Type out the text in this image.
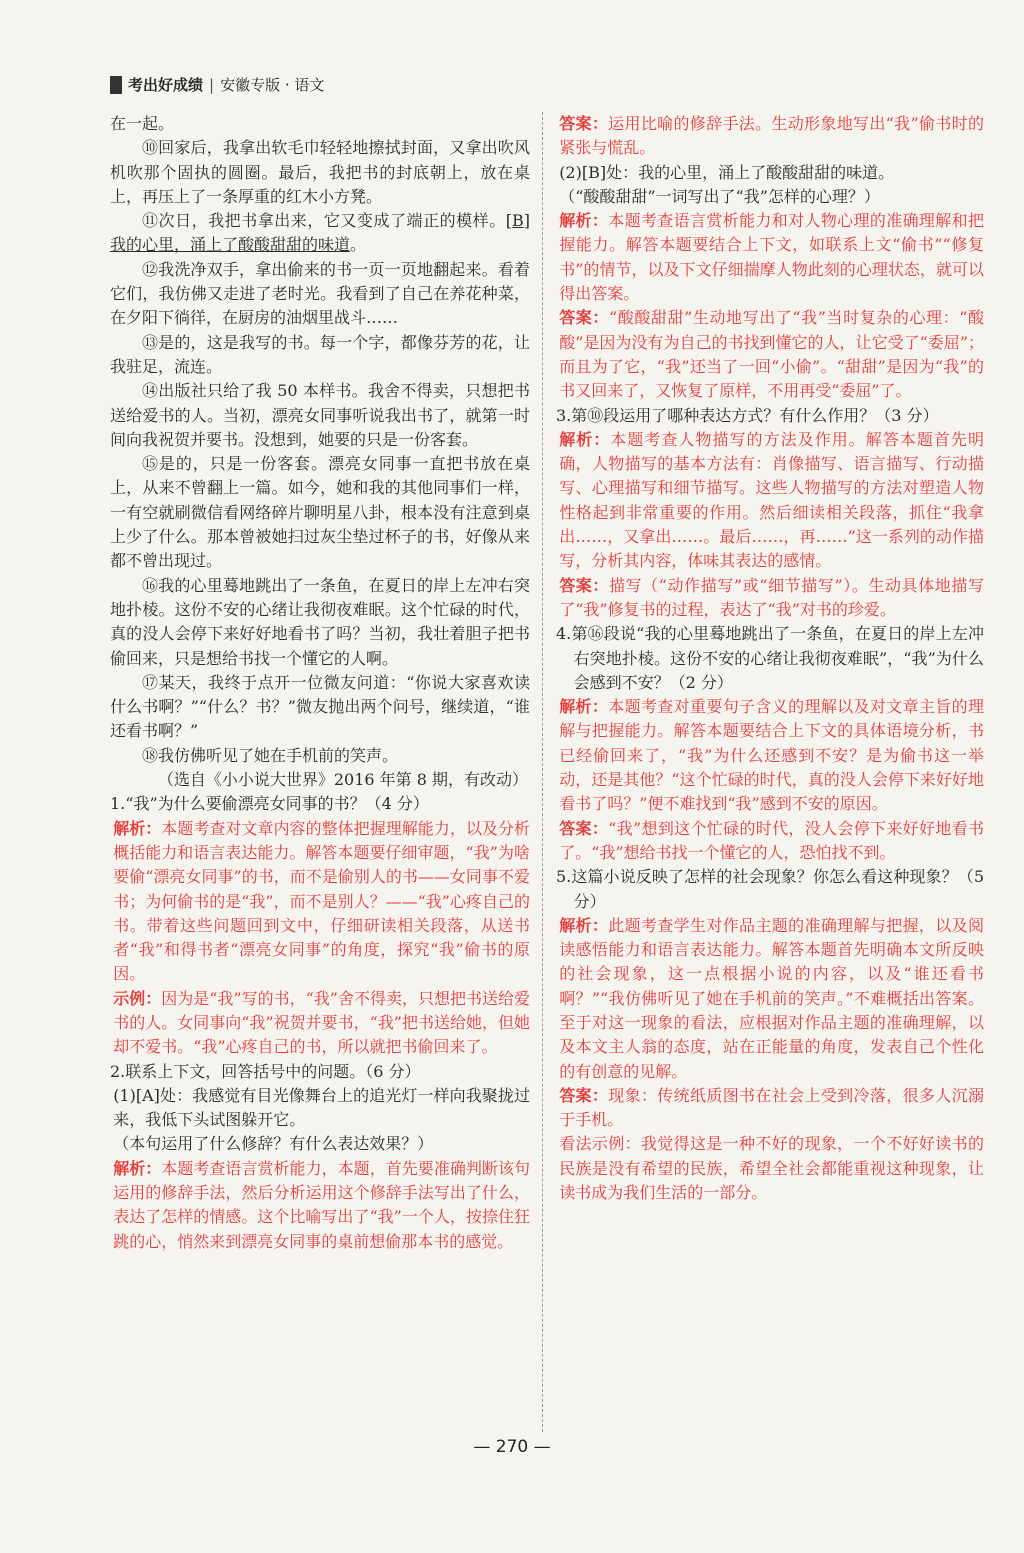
考出好成绩 | 安徽专版 · 语文

在一起。

⑩回家后，我拿出软毛巾轻轻地擦拭封面，又拿出吹风机吹那个固执的圆圈。最后，我把书的封底朝上，放在桌上，再压上了一条厚重的红木小方凳。

⑪次日，我把书拿出来，它又变成了端正的模样。[B]我的心里，涌上了酸酸甜甜的味道。

⑫我洗净双手，拿出偷来的书一页一页地翻起来。看着它们，我仿佛又走进了老时光。我看到了自己在养花种菜，在夕阳下徜徉，在厨房的油烟里战斗……

⑬是的，这是我写的书。每一个字，都像芬芳的花，让我驻足，流连。

⑭出版社只给了我 50 本样书。我舍不得卖，只想把书送给爱书的人。当初，漂亮女同事听说我出书了，就第一时间向我祝贺并要书。没想到，她要的只是一份客套。

⑮是的，只是一份客套。漂亮女同事一直把书放在桌上，从来不曾翻上一篇。如今，她和我的其他同事们一样，一有空就刷微信看网络碎片聊明星八卦，根本没有注意到桌上少了什么。那本曾被她扫过灰尘垫过杯子的书，好像从来都不曾出现过。

⑯我的心里蓦地跳出了一条鱼，在夏日的岸上左冲右突地扑棱。这份不安的心绪让我彻夜难眠。这个忙碌的时代，真的没人会停下来好好地看书了吗？当初，我壮着胆子把书偷回来，只是想给书找一个懂它的人啊。

⑰某天，我终于点开一位微友问道：“你说大家喜欢读什么书啊？”“什么？书？”微友抛出两个问号，继续道，“谁还看书啊？”

⑱我仿佛听见了她在手机前的笑声。

（选自《小小说大世界》2016 年第 8 期，有改动）

1.“我”为什么要偷漂亮女同事的书？（4 分）

解析：本题考查对文章内容的整体把握理解能力，以及分析概括能力和语言表达能力。解答本题要仔细审题，“我”为啥要偷“漂亮女同事”的书，而不是偷别人的书——女同事不爱书；为何偷书的是“我”，而不是别人？——“我”心疼自己的书。带着这些问题回到文中，仔细研读相关段落，从送书者“我”和得书者“漂亮女同事”的角度，探究“我”偷书的原因。

示例：因为是“我”写的书，“我”舍不得卖，只想把书送给爱书的人。女同事向“我”祝贺并要书，“我”把书送给她，但她却不爱书。“我”心疼自己的书，所以就把书偷回来了。

2.联系上下文，回答括号中的问题。（6 分）

(1)[A]处：我感觉有目光像舞台上的追光灯一样向我聚拢过来，我低下头试图躲开它。

（本句运用了什么修辞？有什么表达效果？）

解析：本题考查语言赏析能力，本题，首先要准确判断该句运用的修辞手法，然后分析运用这个修辞手法写出了什么，表达了怎样的情感。这个比喻写出了“我”一个人，按捺住狂跳的心，悄然来到漂亮女同事的桌前想偷那本书的感觉。

答案：运用比喻的修辞手法。生动形象地写出“我”偷书时的紧张与慌乱。

(2)[B]处：我的心里，涌上了酸酸甜甜的味道。

（“酸酸甜甜”一词写出了“我”怎样的心理？）

解析：本题考查语言赏析能力和对人物心理的准确理解和把握能力。解答本题要结合上下文，如联系上文“偷书”“修复书”的情节，以及下文仔细揣摩人物此刻的心理状态，就可以得出答案。

答案：“酸酸甜甜”生动地写出了“我”当时复杂的心理：“酸酸”是因为没有为自己的书找到懂它的人，让它受了“委屈”；而且为了它，“我”还当了一回“小偷”。“甜甜”是因为“我”的书又回来了，又恢复了原样，不用再受“委屈”了。

3.第⑩段运用了哪种表达方式？有什么作用？（3 分）

解析：本题考查人物描写的方法及作用。解答本题首先明确，人物描写的基本方法有：肖像描写、语言描写、行动描写、心理描写和细节描写。这些人物描写的方法对塑造人物性格起到非常重要的作用。然后细读相关段落，抓住“我拿出……，又拿出……。最后……，再……”这一系列的动作描写，分析其内容，体味其表达的感情。

答案：描写（“动作描写”或“细节描写”）。生动具体地描写了“我”修复书的过程，表达了“我”对书的珍爱。

4.第⑯段说“我的心里蓦地跳出了一条鱼，在夏日的岸上左冲右突地扑棱。这份不安的心绪让我彻夜难眠”，“我”为什么会感到不安？（2 分）

解析：本题考查对重要句子含义的理解以及对文章主旨的理解与把握能力。解答本题要结合上下文的具体语境分析，书已经偷回来了，“我”为什么还感到不安？是为偷书这一举动，还是其他？“这个忙碌的时代，真的没人会停下来好好地看书了吗？”便不难找到“我”感到不安的原因。

答案：“我”想到这个忙碌的时代，没人会停下来好好地看书了。“我”想给书找一个懂它的人，恐怕找不到。

5.这篇小说反映了怎样的社会现象？你怎么看这种现象？（5 分）

解析：此题考查学生对作品主题的准确理解与把握，以及阅读感悟能力和语言表达能力。解答本题首先明确本文所反映的社会现象，这一点根据小说的内容，以及“谁还看书啊？”“我仿佛听见了她在手机前的笑声。”不难概括出答案。至于对这一现象的看法，应根据对作品主题的准确理解，以及本文主人翁的态度，站在正能量的角度，发表自己个性化的有创意的见解。

答案：现象：传统纸质图书在社会上受到冷落，很多人沉溺于手机。

看法示例：我觉得这是一种不好的现象，一个不好好读书的民族是没有希望的民族，希望全社会都能重视这种现象，让读书成为我们生活的一部分。

— 270 —
